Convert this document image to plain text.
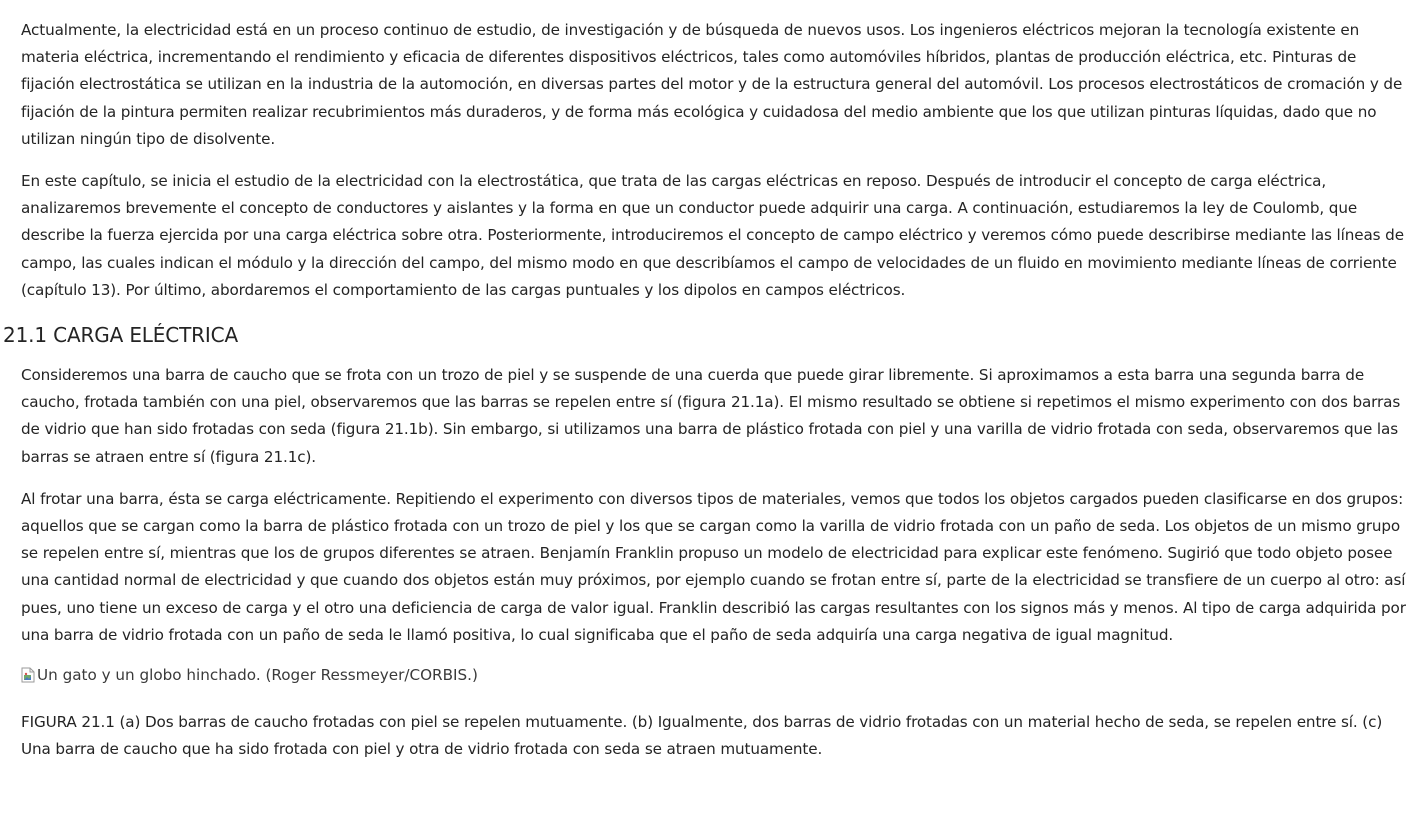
Actualmente, la electricidad está en un proceso continuo de estudio, de investigación y de búsqueda de nuevos usos. Los ingenieros eléctricos mejoran la tecnología existente en materia eléctrica, incrementando el rendimiento y eficacia de diferentes dispositivos eléctricos, tales como automóviles híbridos, plantas de producción eléctrica, etc. Pinturas de fijación electrostática se utilizan en la industria de la automoción, en diversas partes del motor y de la estructura general del automóvil. Los procesos electrostáticos de cromación y de fijación de la pintura permiten realizar recubrimientos más duraderos, y de forma más ecológica y cuidadosa del medio ambiente que los que utilizan pinturas líquidas, dado que no utilizan ningún tipo de disolvente.

En este capítulo, se inicia el estudio de la electricidad con la electrostática, que trata de las cargas eléctricas en reposo. Después de introducir el concepto de carga eléctrica, analizaremos brevemente el concepto de conductores y aislantes y la forma en que un conductor puede adquirir una carga. A continuación, estudiaremos la ley de Coulomb, que describe la fuerza ejercida por una carga eléctrica sobre otra. Posteriormente, introduciremos el concepto de campo eléctrico y veremos cómo puede describirse mediante las líneas de campo, las cuales indican el módulo y la dirección del campo, del mismo modo en que describíamos el campo de velocidades de un fluido en movimiento mediante líneas de corriente (capítulo 13). Por último, abordaremos el comportamiento de las cargas puntuales y los dipolos en campos eléctricos.

21.1 CARGA ELÉCTRICA

Consideremos una barra de caucho que se frota con un trozo de piel y se suspende de una cuerda que puede girar libremente. Si aproximamos a esta barra una segunda barra de caucho, frotada también con una piel, observaremos que las barras se repelen entre sí (figura 21.1a). El mismo resultado se obtiene si repetimos el mismo experimento con dos barras de vidrio que han sido frotadas con seda (figura 21.1b). Sin embargo, si utilizamos una barra de plástico frotada con piel y una varilla de vidrio frotada con seda, observaremos que las barras se atraen entre sí (figura 21.1c).

Al frotar una barra, ésta se carga eléctricamente. Repitiendo el experimento con diversos tipos de materiales, vemos que todos los objetos cargados pueden clasificarse en dos grupos: aquellos que se cargan como la barra de plástico frotada con un trozo de piel y los que se cargan como la varilla de vidrio frotada con un paño de seda. Los objetos de un mismo grupo se repelen entre sí, mientras que los de grupos diferentes se atraen. Benjamín Franklin propuso un modelo de electricidad para explicar este fenómeno. Sugirió que todo objeto posee una cantidad normal de electricidad y que cuando dos objetos están muy próximos, por ejemplo cuando se frotan entre sí, parte de la electricidad se transfiere de un cuerpo al otro: así pues, uno tiene un exceso de carga y el otro una deficiencia de carga de valor igual. Franklin describió las cargas resultantes con los signos más y menos. Al tipo de carga adquirida por una barra de vidrio frotada con un paño de seda le llamó positiva, lo cual significaba que el paño de seda adquiría una carga negativa de igual magnitud.

Un gato y un globo hinchado. (Roger Ressmeyer/CORBIS.)

FIGURA 21.1 (a) Dos barras de caucho frotadas con piel se repelen mutuamente. (b) Igualmente, dos barras de vidrio frotadas con un material hecho de seda, se repelen entre sí. (c) Una barra de caucho que ha sido frotada con piel y otra de vidrio frotada con seda se atraen mutuamente.
